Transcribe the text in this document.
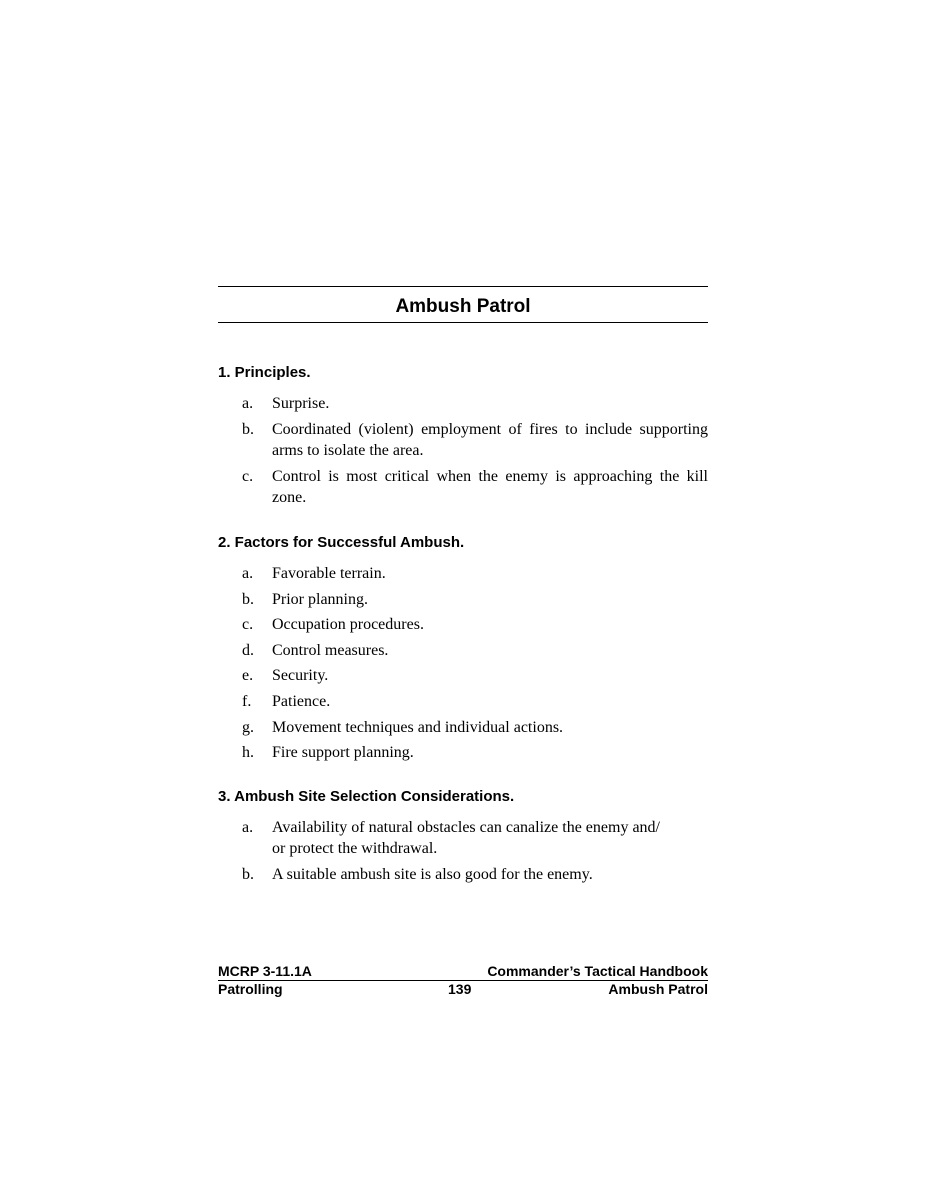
Ambush Patrol
1. Principles.
a. Surprise.
b. Coordinated (violent) employment of fires to include supporting arms to isolate the area.
c. Control is most critical when the enemy is approaching the kill zone.
2. Factors for Successful Ambush.
a. Favorable terrain.
b. Prior planning.
c. Occupation procedures.
d. Control measures.
e. Security.
f. Patience.
g. Movement techniques and individual actions.
h. Fire support planning.
3. Ambush Site Selection Considerations.
a. Availability of natural obstacles can canalize the enemy and/
or protect the withdrawal.
b. A suitable ambush site is also good for the enemy.
MCRP 3-11.1A	Commander’s Tactical Handbook
Patrolling	139	Ambush Patrol
